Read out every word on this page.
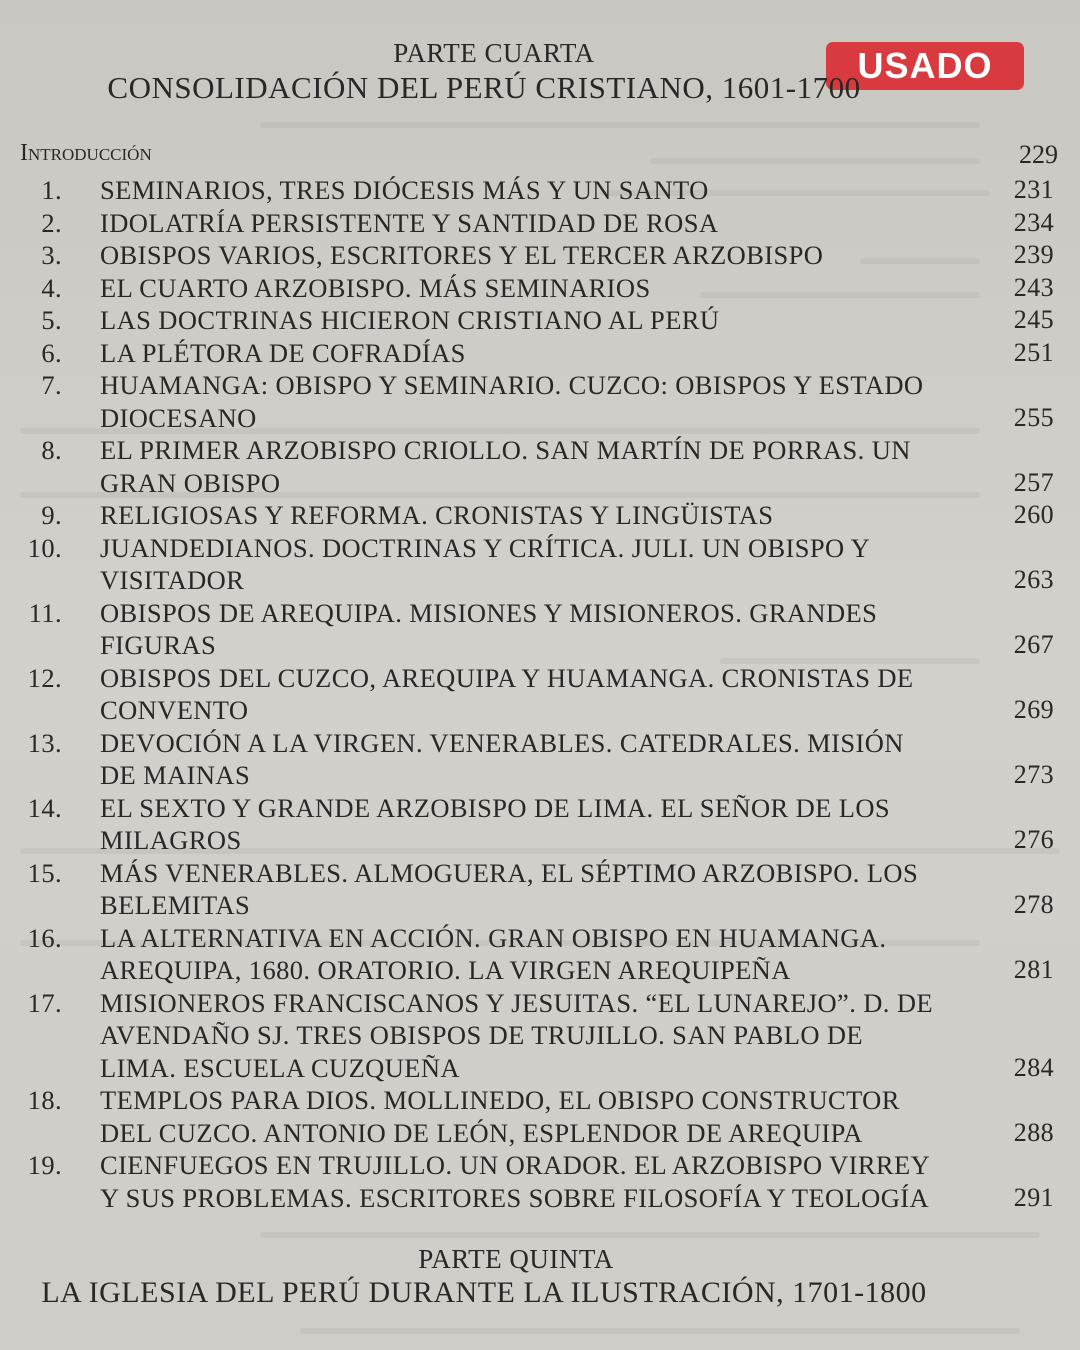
USADO
PARTE CUARTA
CONSOLIDACIÓN DEL PERÚ CRISTIANO, 1601-1700
Introducción	229
1. SEMINARIOS, TRES DIÓCESIS MÁS Y UN SANTO	231
2. IDOLATRÍA PERSISTENTE Y SANTIDAD DE ROSA	234
3. OBISPOS VARIOS, ESCRITORES Y EL TERCER ARZOBISPO	239
4. EL CUARTO ARZOBISPO. MÁS SEMINARIOS	243
5. LAS DOCTRINAS HICIERON CRISTIANO AL PERÚ	245
6. LA PLÉTORA DE COFRADÍAS	251
7. HUAMANGA: OBISPO Y SEMINARIO. CUZCO: OBISPOS Y ESTADO
DIOCESANO	255
8. EL PRIMER ARZOBISPO CRIOLLO. SAN MARTÍN DE PORRAS. UN
GRAN OBISPO	257
9. RELIGIOSAS Y REFORMA. CRONISTAS Y LINGÜISTAS	260
10. JUANDEDIANOS. DOCTRINAS Y CRÍTICA. JULI. UN OBISPO Y
VISITADOR	263
11. OBISPOS DE AREQUIPA. MISIONES Y MISIONEROS. GRANDES
FIGURAS	267
12. OBISPOS DEL CUZCO, AREQUIPA Y HUAMANGA. CRONISTAS DE
CONVENTO	269
13. DEVOCIÓN A LA VIRGEN. VENERABLES. CATEDRALES. MISIÓN
DE MAINAS	273
14. EL SEXTO Y GRANDE ARZOBISPO DE LIMA. EL SEÑOR DE LOS
MILAGROS	276
15. MÁS VENERABLES. ALMOGUERA, EL SÉPTIMO ARZOBISPO. LOS
BELEMITAS	278
16. LA ALTERNATIVA EN ACCIÓN. GRAN OBISPO EN HUAMANGA.
AREQUIPA, 1680. ORATORIO. LA VIRGEN AREQUIPEÑA	281
17. MISIONEROS FRANCISCANOS Y JESUITAS. “EL LUNAREJO”. D. DE
AVENDAÑO SJ. TRES OBISPOS DE TRUJILLO. SAN PABLO DE
LIMA. ESCUELA CUZQUEÑA	284
18. TEMPLOS PARA DIOS. MOLLINEDO, EL OBISPO CONSTRUCTOR
DEL CUZCO. ANTONIO DE LEÓN, ESPLENDOR DE AREQUIPA	288
19. CIENFUEGOS EN TRUJILLO. UN ORADOR. EL ARZOBISPO VIRREY
Y SUS PROBLEMAS. ESCRITORES SOBRE FILOSOFÍA Y TEOLOGÍA	291
PARTE QUINTA
LA IGLESIA DEL PERÚ DURANTE LA ILUSTRACIÓN, 1701-1800
